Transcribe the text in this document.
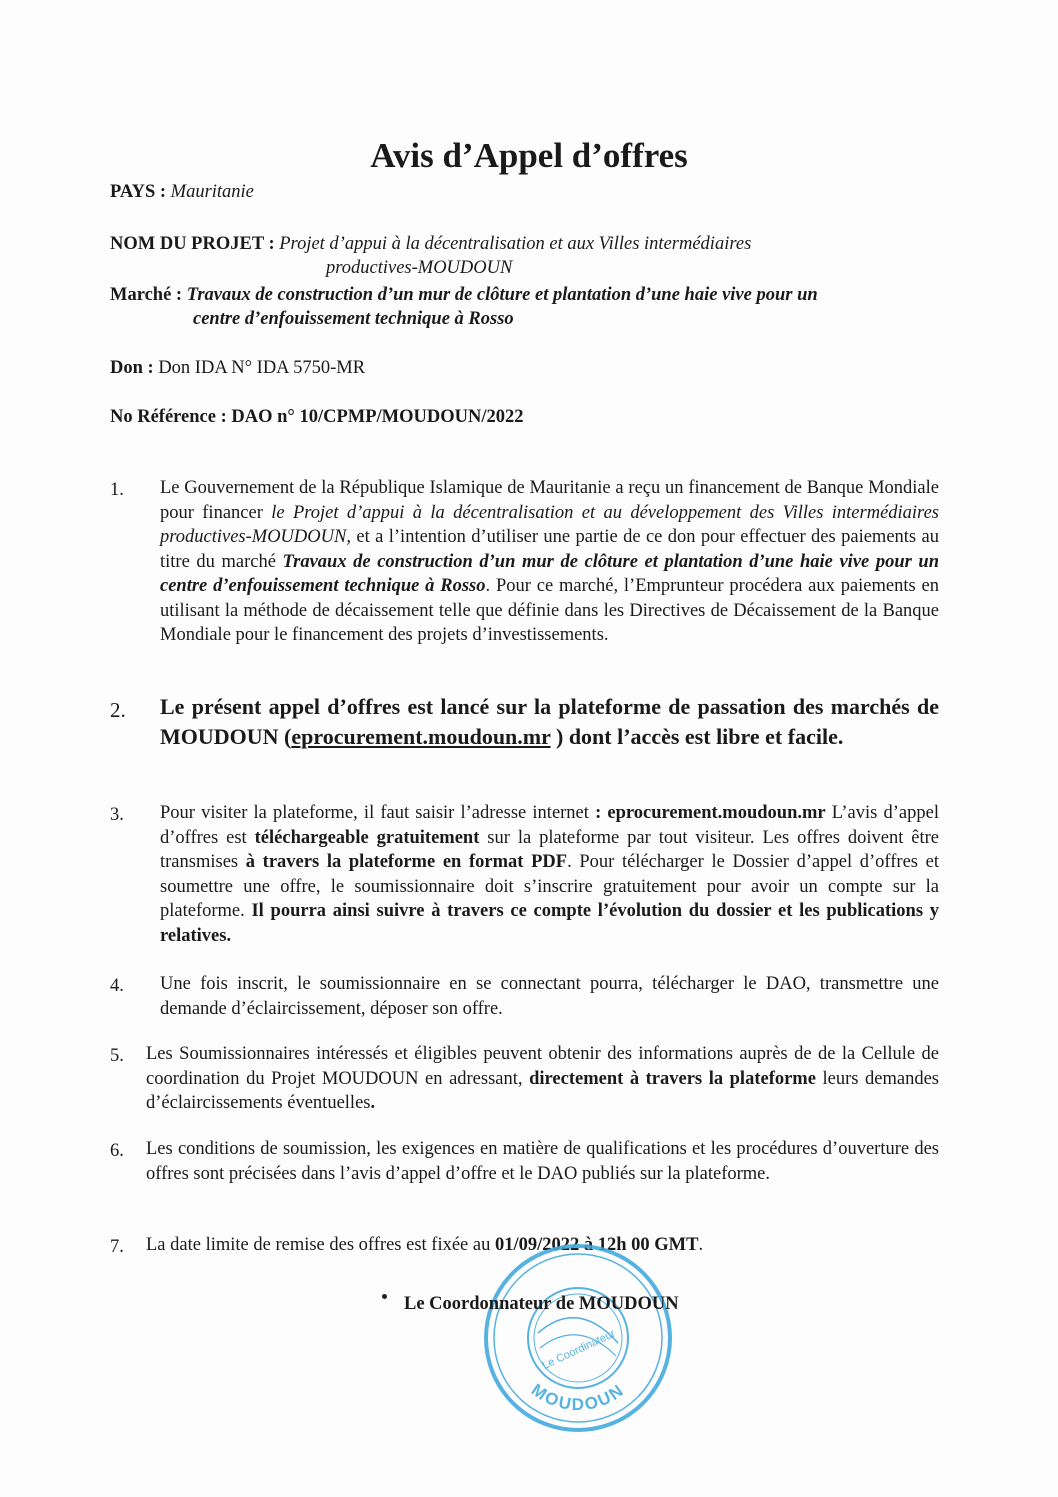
Avis d’Appel d’offres

PAYS : Mauritanie

NOM DU PROJET : Projet d’appui à la décentralisation et aux Villes intermédiaires

productives-MOUDOUN

Marché : Travaux de construction d’un mur de clôture et plantation d’une haie vive pour un

centre d’enfouissement technique à Rosso

Don : Don IDA N° IDA 5750-MR

No Référence : DAO n° 10/CPMP/MOUDOUN/2022

1. Le Gouvernement de la République Islamique de Mauritanie a reçu un financement de Banque Mondiale pour financer le Projet d’appui à la décentralisation et au développement des Villes intermédiaires productives-MOUDOUN, et a l’intention d’utiliser une partie de ce don pour effectuer des paiements au titre du marché Travaux de construction d’un mur de clôture et plantation d’une haie vive pour un centre d’enfouissement technique à Rosso. Pour ce marché, l’Emprunteur procédera aux paiements en utilisant la méthode de décaissement telle que définie dans les Directives de Décaissement de la Banque Mondiale pour le financement des projets d’investissements.

2. Le présent appel d’offres est lancé sur la plateforme de passation des marchés de MOUDOUN (eprocurement.moudoun.mr ) dont l’accès est libre et facile.

3. Pour visiter la plateforme, il faut saisir l’adresse internet : eprocurement.moudoun.mr L’avis d’appel d’offres est téléchargeable gratuitement sur la plateforme par tout visiteur. Les offres doivent être transmises à travers la plateforme en format PDF. Pour télécharger le Dossier d’appel d’offres et soumettre une offre, le soumissionnaire doit s’inscrire gratuitement pour avoir un compte sur la plateforme. Il pourra ainsi suivre à travers ce compte l’évolution du dossier et les publications y relatives.

4. Une fois inscrit, le soumissionnaire en se connectant pourra, télécharger le DAO, transmettre une demande d’éclaircissement, déposer son offre.

5. Les Soumissionnaires intéressés et éligibles peuvent obtenir des informations auprès de de la Cellule de coordination du Projet MOUDOUN en adressant, directement à travers la plateforme leurs demandes d’éclaircissements éventuelles.

6. Les conditions de soumission, les exigences en matière de qualifications et les procédures d’ouverture des offres sont précisées dans l’avis d’appel d’offre et le DAO publiés sur la plateforme.

7. La date limite de remise des offres est fixée au 01/09/2022 à 12h 00 GMT.

MOUDOUN
Le Coordinateur

Le Coordonnateur de MOUDOUN
